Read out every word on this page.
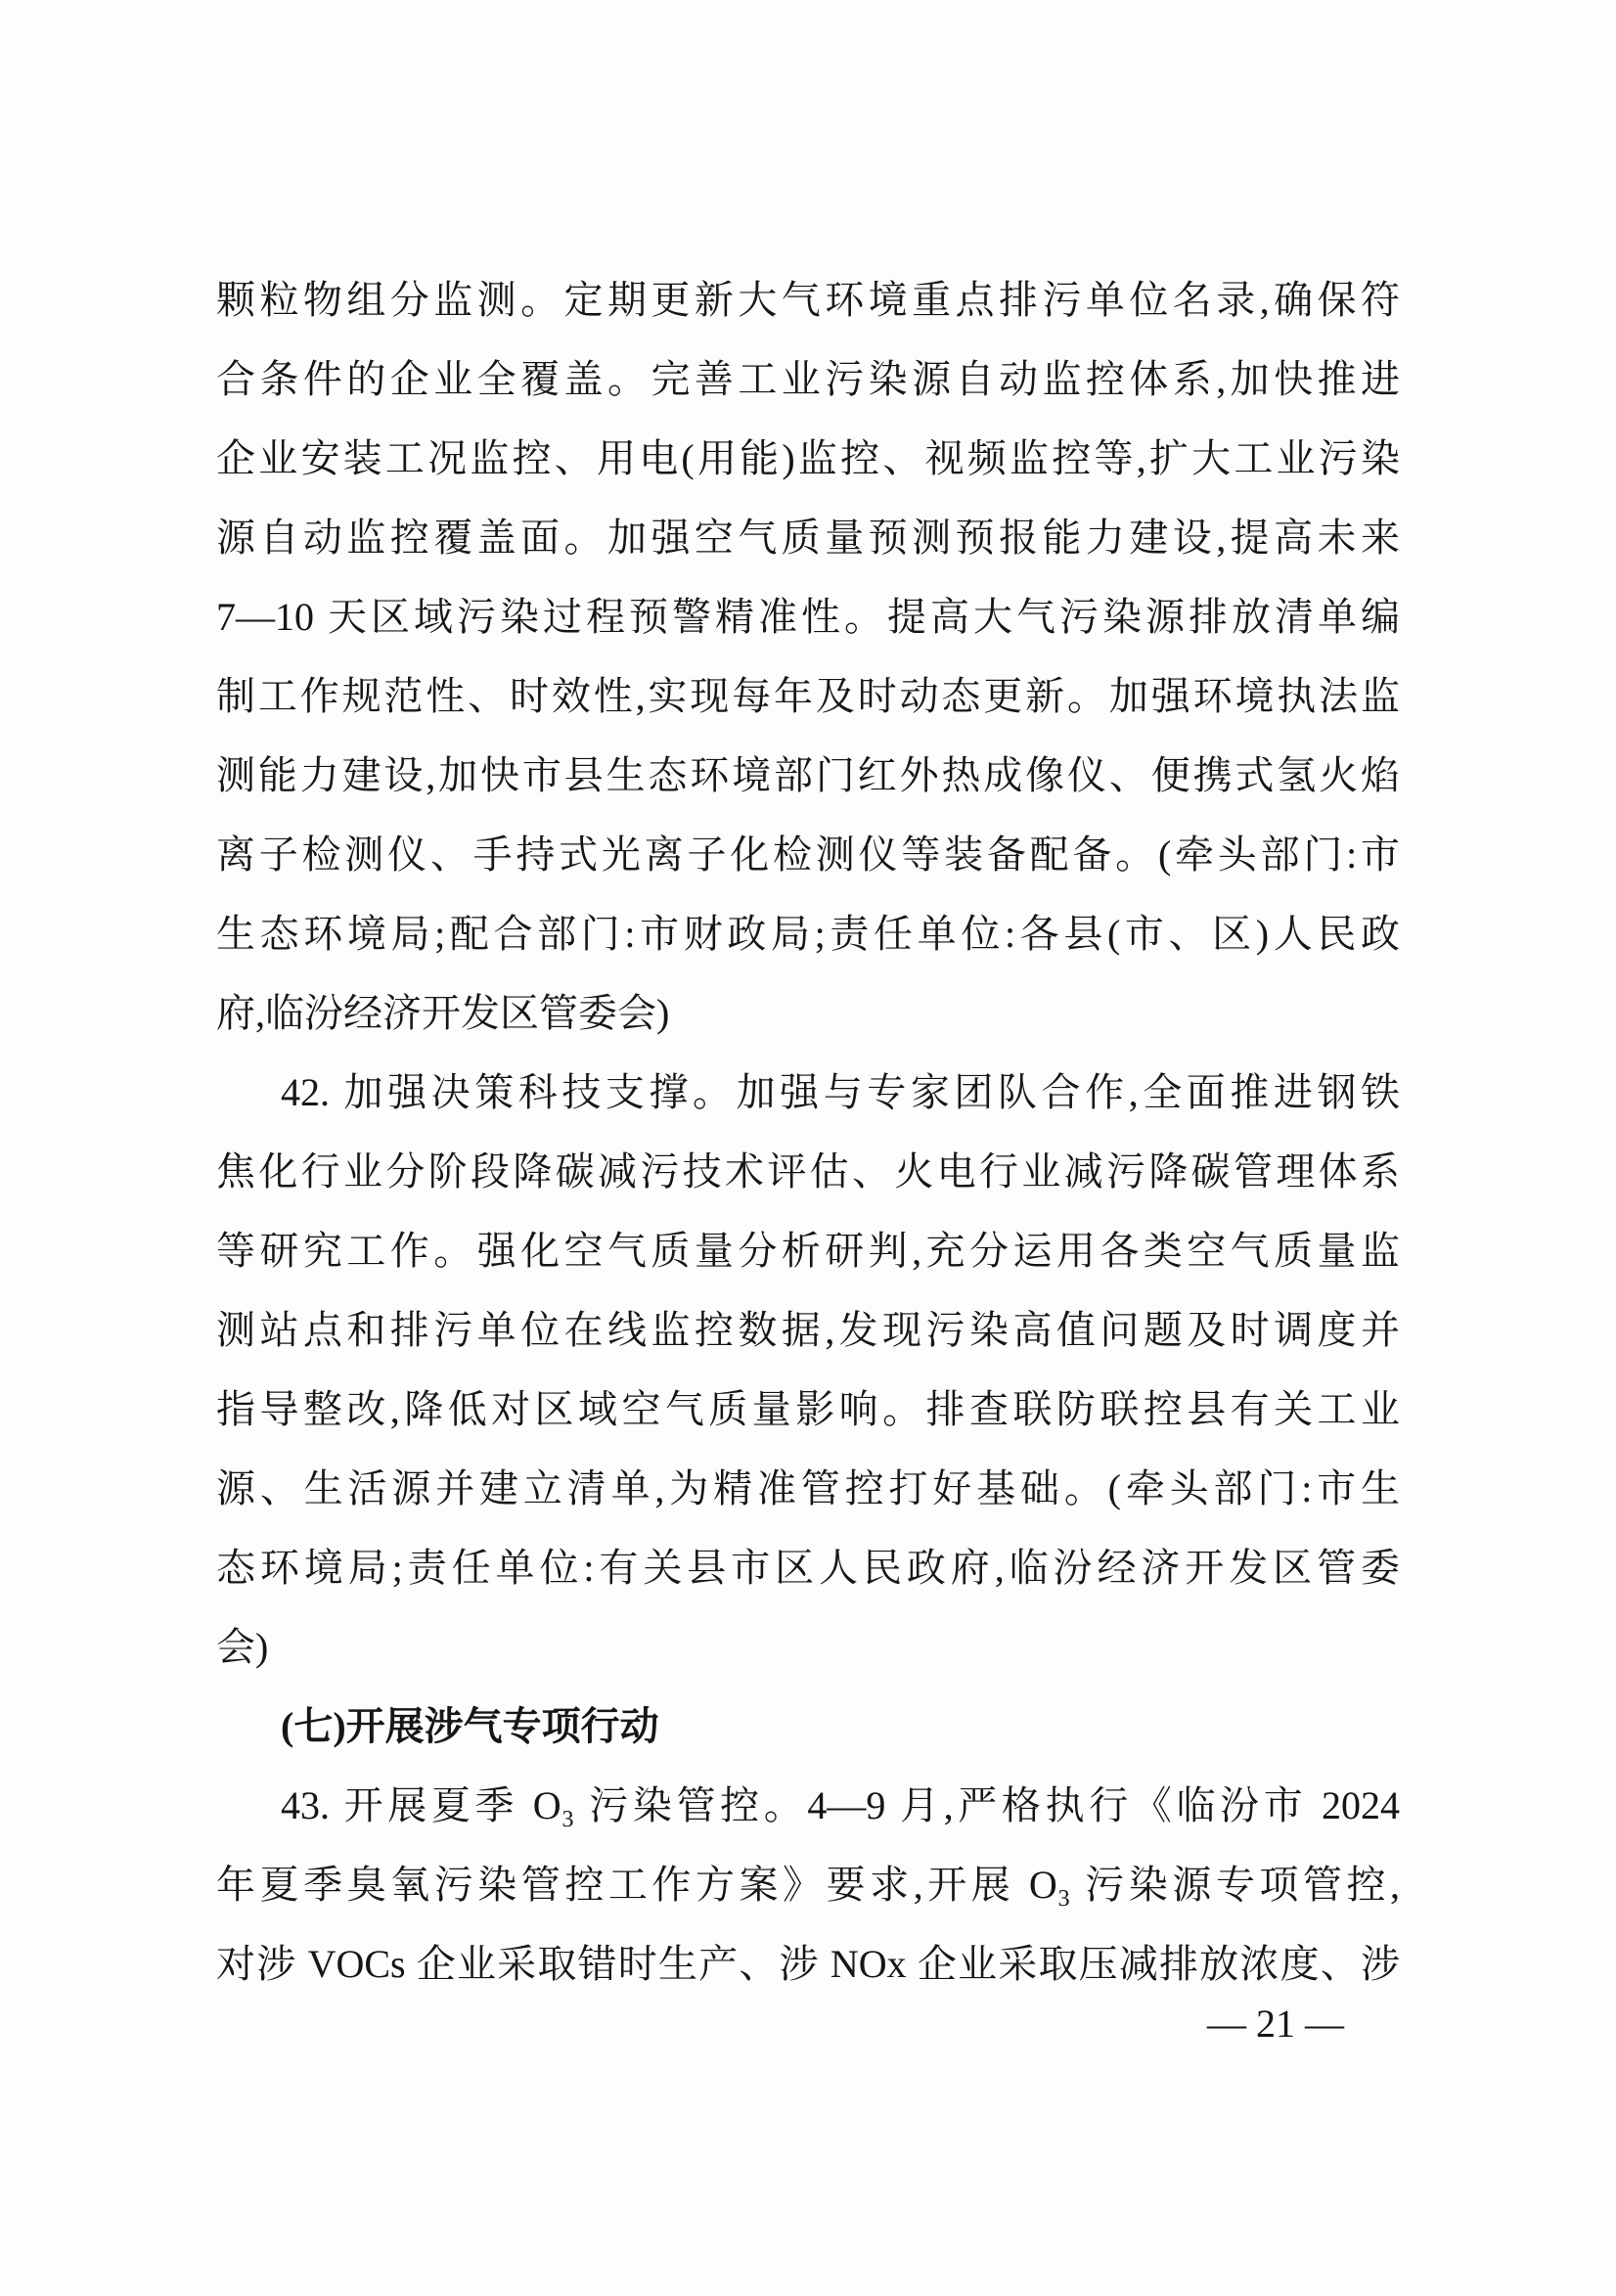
颗粒物组分监测。定期更新大气环境重点排污单位名录,确保符
合条件的企业全覆盖。完善工业污染源自动监控体系,加快推进
企业安装工况监控、用电(用能)监控、视频监控等,扩大工业污染
源自动监控覆盖面。加强空气质量预测预报能力建设,提高未来
7—10 天区域污染过程预警精准性。提高大气污染源排放清单编
制工作规范性、时效性,实现每年及时动态更新。加强环境执法监
测能力建设,加快市县生态环境部门红外热成像仪、便携式氢火焰
离子检测仪、手持式光离子化检测仪等装备配备。(牵头部门:市
生态环境局;配合部门:市财政局;责任单位:各县(市、区)人民政
府,临汾经济开发区管委会)
42. 加强决策科技支撑。加强与专家团队合作,全面推进钢铁
焦化行业分阶段降碳减污技术评估、火电行业减污降碳管理体系
等研究工作。强化空气质量分析研判,充分运用各类空气质量监
测站点和排污单位在线监控数据,发现污染高值问题及时调度并
指导整改,降低对区域空气质量影响。排查联防联控县有关工业
源、生活源并建立清单,为精准管控打好基础。(牵头部门:市生
态环境局;责任单位:有关县市区人民政府,临汾经济开发区管委
会)
(七)开展涉气专项行动
43. 开展夏季 O₃ 污染管控。4—9 月,严格执行《临汾市 2024
年夏季臭氧污染管控工作方案》要求,开展 O₃ 污染源专项管控,
对涉 VOCs 企业采取错时生产、涉 NOx 企业采取压减排放浓度、涉
— 21 —
